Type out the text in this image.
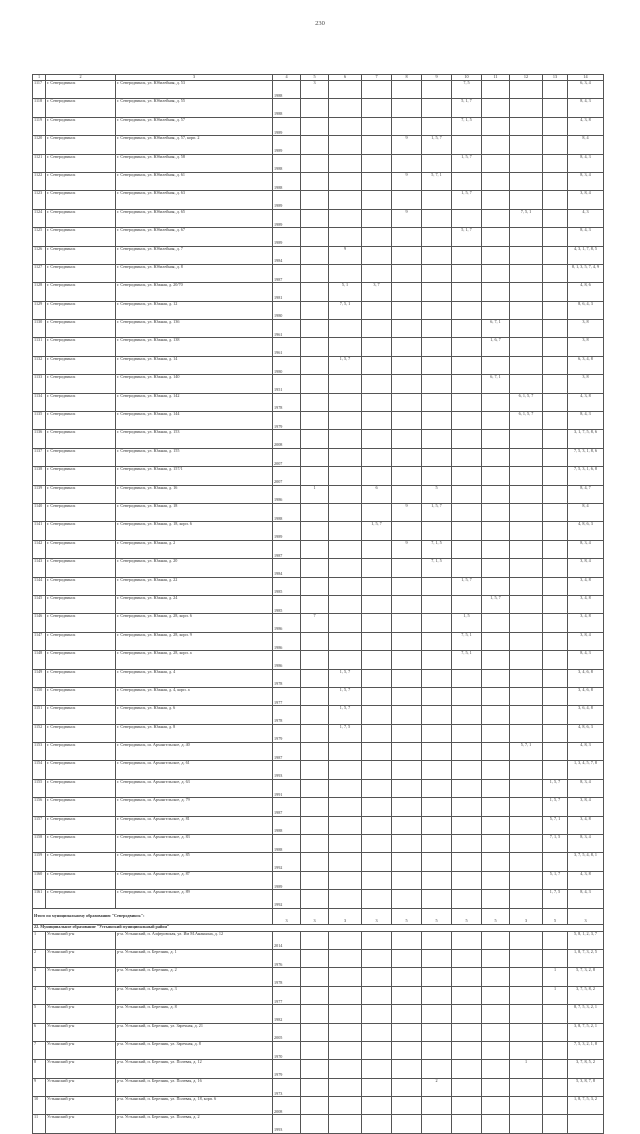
230
1	2	3	4	5	6	7	8	9	10	11	12	13	14
1117	г. Северодвинск	г. Северодвинск, ул. Юбилейная, д. 53	1988	3					7, 5				6, 3, 4
1118	г. Северодвинск	г. Северодвинск, ул. Юбилейная, д. 55	1988						5, 1, 7				8, 4, 3
1119	г. Северодвинск	г. Северодвинск, ул. Юбилейная, д. 57	1989						7, 1, 5				4, 3, 8
1120	г. Северодвинск	г. Северодвинск, ул. Юбилейная, д. 57, корп. 2	1989				9	1, 5, 7					8, 4
1121	г. Северодвинск	г. Северодвинск, ул. Юбилейная, д. 58	1988						1, 5, 7				8, 4, 3
1122	г. Северодвинск	г. Северодвинск, ул. Юбилейная, д. 61	1988				9	5, 7, 1					8, 3, 4
1123	г. Северодвинск	г. Северодвинск, ул. Юбилейная, д. 63	1989						1, 5, 7				3, 8, 4
1124	г. Северодвинск	г. Северодвинск, ул. Юбилейная, д. 65	1989				9				7, 5, 1		4, 3
1125	г. Северодвинск	г. Северодвинск, ул. Юбилейная, д. 67	1989						5, 1, 7				8, 4, 3
1126	г. Северодвинск	г. Северодвинск, ул. Юбилейная, д. 7	1984		9								4, 3, 1, 7, 8, 5
1127	г. Северодвинск	г. Северодвинск, ул. Юбилейная, д. 8	1987										8, 1, 3, 5, 7, 4, 9
1128	г. Северодвинск	г. Северодвинск, ул. Южная, д. 20/70	1981		5, 1	3, 7							4, 8, 6
1129	г. Северодвинск	г. Северодвинск, ул. Южная, д. 12	1980		7, 5, 1								8, 6, 4, 3
1130	г. Северодвинск	г. Северодвинск, ул. Южная, д. 136	1961							6, 7, 1			3, 8
1131	г. Северодвинск	г. Северодвинск, ул. Южная, д. 138	1961							1, 6, 7			3, 8
1132	г. Северодвинск	г. Северодвинск, ул. Южная, д. 14	1980		1, 5, 7								6, 3, 4, 8
1133	г. Северодвинск	г. Северодвинск, ул. Южная, д. 140	1951							6, 7, 1			3, 8
1134	г. Северодвинск	г. Северодвинск, ул. Южная, д. 142	1978								6, 1, 5, 7		4, 3, 8
1135	г. Северодвинск	г. Северодвинск, ул. Южная, д. 144	1979								6, 1, 5, 7		8, 4, 3
1136	г. Северодвинск	г. Северодвинск, ул. Южная, д. 153	2008										3, 1, 7, 5, 8, 6
1137	г. Северодвинск	г. Северодвинск, ул. Южная, д. 155	2007										7, 5, 3, 1, 8, 6
1138	г. Северодвинск	г. Северодвинск, ул. Южная, д. 157/1	2007										7, 5, 3, 1, 6, 8
1139	г. Северодвинск	г. Северодвинск, ул. Южная, д. 16	1986	1		6		5					8, 4, 7
1140	г. Северодвинск	г. Северодвинск, ул. Южная, д. 18	1988				9	1, 5, 7					8, 4
1141	г. Северодвинск	г. Северодвинск, ул. Южная, д. 18, корп. 6	1989			1, 5, 7							4, 8, 6, 3
1142	г. Северодвинск	г. Северодвинск, ул. Южная, д. 2	1987				9	7, 1, 5					8, 3, 4
1143	г. Северодвинск	г. Северодвинск, ул. Южная, д. 20	1984					7, 1, 5					3, 8, 4
1144	г. Северодвинск	г. Северодвинск, ул. Южная, д. 22	1985						1, 5, 7				3, 4, 8
1145	г. Северодвинск	г. Северодвинск, ул. Южная, д. 24	1985							1, 5, 7			3, 4, 8
1146	г. Северодвинск	г. Северодвинск, ул. Южная, д. 28, корп. 6	1986	7					1, 5				3, 4, 8
1147	г. Северодвинск	г. Северодвинск, ул. Южная, д. 28, корп. 9	1986						7, 5, 1				3, 8, 4
1148	г. Северодвинск	г. Северодвинск, ул. Южная, д. 28, корп. а	1986						7, 5, 1				8, 4, 3
1149	г. Северодвинск	г. Северодвинск, ул. Южная, д. 4	1978		1, 5, 7								3, 4, 6, 8
1150	г. Северодвинск	г. Северодвинск, ул. Южная, д. 4, корп. а	1977		1, 5, 7								3, 4, 6, 8
1151	г. Северодвинск	г. Северодвинск, ул. Южная, д. 6	1978		1, 5, 7								3, 6, 4, 8
1152	г. Северодвинск	г. Северодвинск, ул. Южная, д. 8	1979		1, 7, 5								4, 8, 6, 3
1153	г. Северодвинск	г. Северодвинск, ш. Архангельское, д. 40	1987								5, 7, 1		4, 8, 3
1154	г. Северодвинск	г. Северодвинск, ш. Архангельское, д. 61	1993										1, 3, 4, 5, 7, 8
1155	г. Северодвинск	г. Северодвинск, ш. Архангельское, д. 63	1991									1, 5, 7	8, 3, 4
1156	г. Северодвинск	г. Северодвинск, ш. Архангельское, д. 79	1987									1, 5, 7	3, 8, 4
1157	г. Северодвинск	г. Северодвинск, ш. Архангельское, д. 81	1988									5, 7, 1	3, 4, 8
1158	г. Северодвинск	г. Северодвинск, ш. Архангельское, д. 83	1988									7, 1, 5	8, 3, 4
1159	г. Северодвинск	г. Северодвинск, ш. Архангельское, д. 85	1992										3, 7, 5, 4, 8, 1
1160	г. Северодвинск	г. Северодвинск, ш. Архангельское, д. 87	1989									5, 1, 7	4, 3, 8
1161	г. Северодвинск	г. Северодвинск, ш. Архангельское, д. 89	1992									1, 7, 5	8, 4, 3
Итого по муниципальному образованию "Северодвинск":			3	3	3	3	5	5	5	5	3	5	3
22. Муниципальное образование "Устьянский муниципальный район"													
1	Устьянский р-н	р-н. Устьянский, п. Алферовская, ул. Им М.Ананьина, д. 12	2014										5, 8, 1, 2, 3, 7
2	Устьянский р-н	р-н. Устьянский, п. Березник, д. 1	1976										1, 8, 7, 3, 2, 5
3	Устьянский р-н	р-н. Устьянский, п. Березник, д. 2	1978									1	5, 7, 3, 2, 8
4	Устьянский р-н	р-н. Устьянский, п. Березник, д. 3	1977									1	3, 7, 5, 8, 2
5	Устьянский р-н	р-н. Устьянский, п. Березник, д. 8	1982										8, 7, 5, 3, 2, 1
6	Устьянский р-н	р-н. Устьянский, п. Березник, ул. Заречная, д. 21	2005										3, 8, 7, 5, 2, 1
7	Устьянский р-н	р-н. Устьянский, п. Березник, ул. Заречная, д. 8	1970										7, 5, 3, 2, 1, 8
8	Устьянский р-н	р-н. Устьянский, п. Березник, ул. Полевая, д. 12	1979								1		3, 7, 8, 5, 2
9	Устьянский р-н	р-н. Устьянский, п. Березник, ул. Полевая, д. 16	1973					2					5, 3, 8, 7, 8
10	Устьянский р-н	р-н. Устьянский, п. Березник, ул. Полевая, д. 18, корп. 6	2008										1, 8, 7, 5, 3, 2
11	Устьянский р-н	р-н. Устьянский, п. Березник, ул. Полевая, д. 2	1993										
